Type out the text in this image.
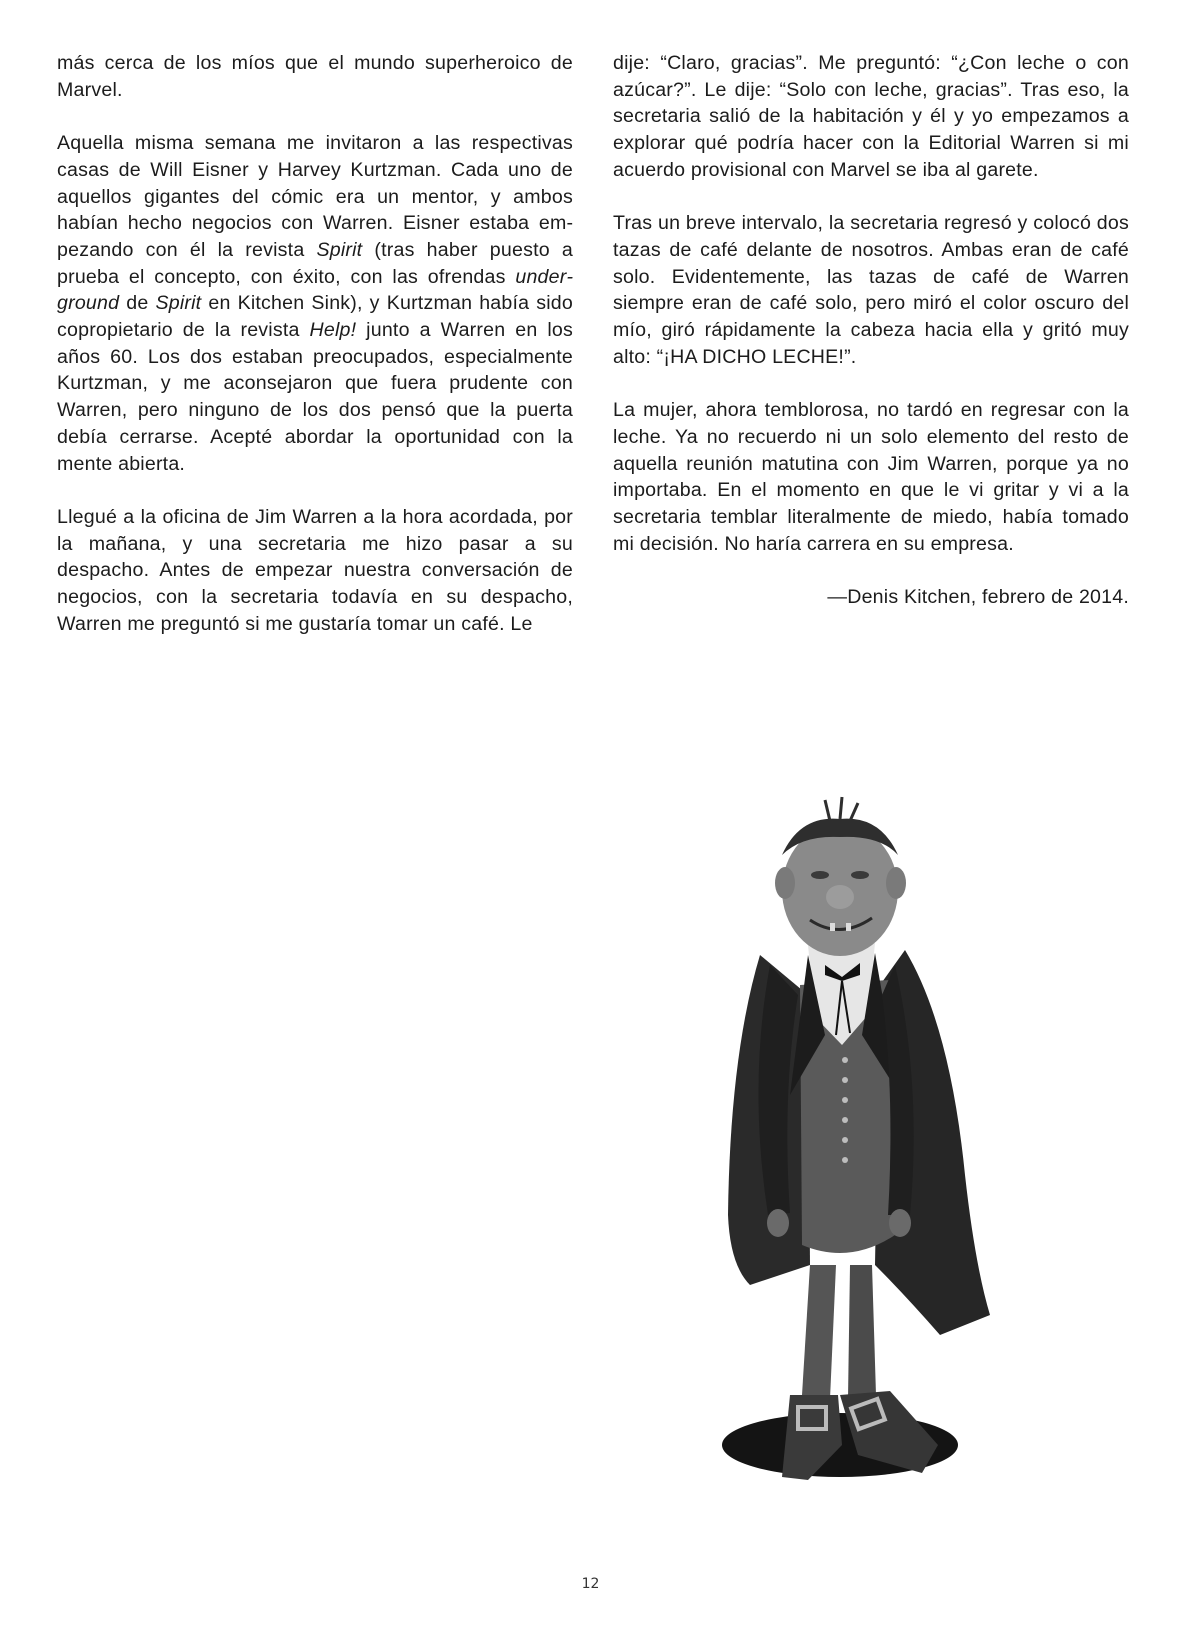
más cerca de los míos que el mundo superheroico de Marvel.

Aquella misma semana me invitaron a las respectivas casas de Will Eisner y Harvey Kurtzman. Cada uno de aquellos gigantes del cómic era un mentor, y ambos habían hecho negocios con Warren. Eisner estaba empezando con él la revista Spirit (tras haber puesto a prueba el concepto, con éxito, con las ofrendas underground de Spirit en Kitchen Sink), y Kurtzman había sido copropietario de la revista Help! junto a Warren en los años 60. Los dos estaban preocupados, especialmente Kurtzman, y me aconsejaron que fuera prudente con Warren, pero ninguno de los dos pensó que la puerta debía cerrarse. Acepté abordar la oportunidad con la mente abierta.

Llegué a la oficina de Jim Warren a la hora acordada, por la mañana, y una secretaria me hizo pasar a su despacho. Antes de empezar nuestra conversación de negocios, con la secretaria todavía en su despacho, Warren me preguntó si me gustaría tomar un café. Le

dije: “Claro, gracias”. Me preguntó: “¿Con leche o con azúcar?”. Le dije: “Solo con leche, gracias”. Tras eso, la secretaria salió de la habitación y él y yo empezamos a explorar qué podría hacer con la Editorial Warren si mi acuerdo provisional con Marvel se iba al garete.

Tras un breve intervalo, la secretaria regresó y colocó dos tazas de café delante de nosotros. Ambas eran de café solo. Evidentemente, las tazas de café de Warren siempre eran de café solo, pero miró el color oscuro del mío, giró rápidamente la cabeza hacia ella y gritó muy alto: “¡HA DICHO LECHE!”.

La mujer, ahora temblorosa, no tardó en regresar con la leche. Ya no recuerdo ni un solo elemento del resto de aquella reunión matutina con Jim Warren, porque ya no importaba. En el momento en que le vi gritar y vi a la secretaria temblar literalmente de miedo, había tomado mi decisión. No haría carrera en su empresa.

—Denis Kitchen, febrero de 2014.

12
